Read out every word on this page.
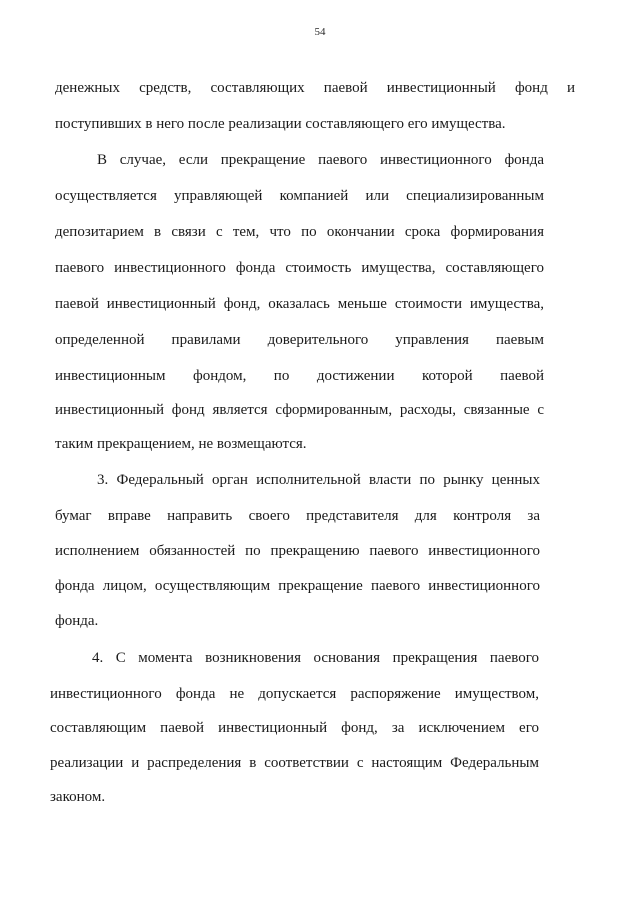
54
денежных средств, составляющих паевой инвестиционный фонд и
поступивших в него после реализации составляющего его имущества.
В случае, если прекращение паевого инвестиционного фонда
осуществляется управляющей компанией или специализированным
депозитарием в связи с тем, что по окончании срока формирования
паевого инвестиционного фонда стоимость имущества, составляющего
паевой инвестиционный фонд, оказалась меньше стоимости имущества,
определенной правилами доверительного управления паевым
инвестиционным фондом, по достижении которой паевой
инвестиционный фонд является сформированным, расходы, связанные с
таким прекращением, не возмещаются.
3. Федеральный орган исполнительной власти по рынку ценных
бумаг вправе направить своего представителя для контроля за
исполнением обязанностей по прекращению паевого инвестиционного
фонда лицом, осуществляющим прекращение паевого инвестиционного
фонда.
4. С момента возникновения основания прекращения паевого
инвестиционного фонда не допускается распоряжение имуществом,
составляющим паевой инвестиционный фонд, за исключением его
реализации и распределения в соответствии с настоящим Федеральным
законом.
